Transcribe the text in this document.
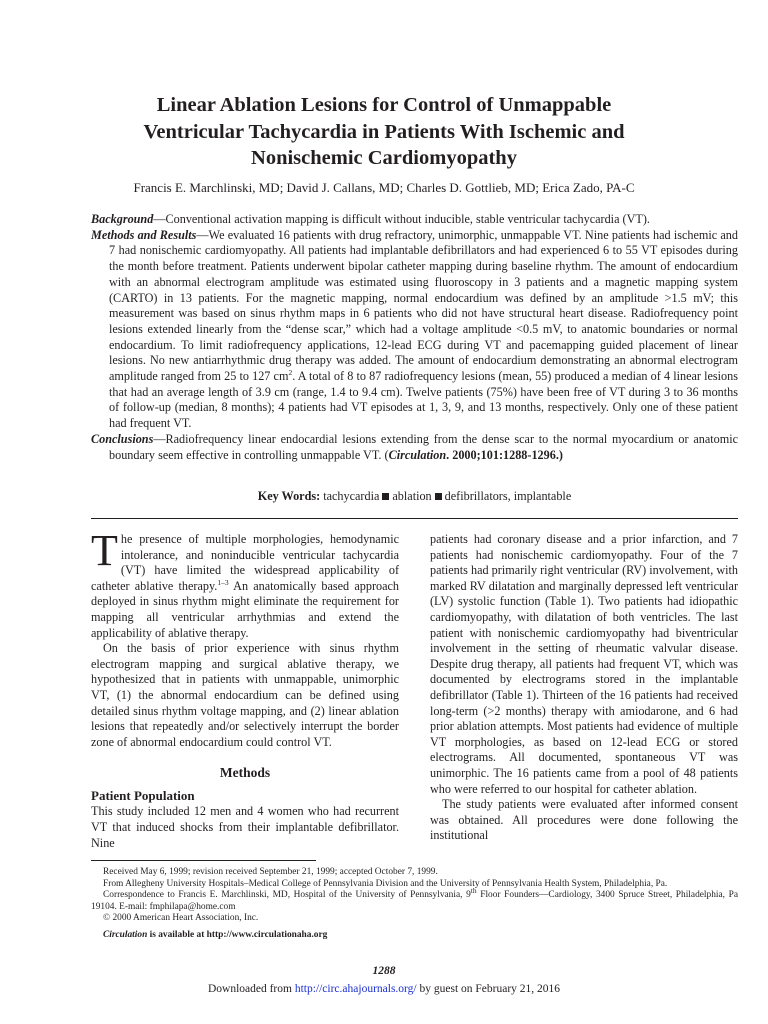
Linear Ablation Lesions for Control of Unmappable
Ventricular Tachycardia in Patients With Ischemic and
Nonischemic Cardiomyopathy
Francis E. Marchlinski, MD; David J. Callans, MD; Charles D. Gottlieb, MD; Erica Zado, PA-C

Background—Conventional activation mapping is difficult without inducible, stable ventricular tachycardia (VT).

Methods and Results—We evaluated 16 patients with drug refractory, unimorphic, unmappable VT. Nine patients had ischemic and 7 had nonischemic cardiomyopathy. All patients had implantable defibrillators and had experienced 6 to 55 VT episodes during the month before treatment. Patients underwent bipolar catheter mapping during baseline rhythm. The amount of endocardium with an abnormal electrogram amplitude was estimated using fluoroscopy in 3 patients and a magnetic mapping system (CARTO) in 13 patients. For the magnetic mapping, normal endocardium was defined by an amplitude >1.5 mV; this measurement was based on sinus rhythm maps in 6 patients who did not have structural heart disease. Radiofrequency point lesions extended linearly from the “dense scar,” which had a voltage amplitude <0.5 mV, to anatomic boundaries or normal endocardium. To limit radiofrequency applications, 12-lead ECG during VT and pacemapping guided placement of linear lesions. No new antiarrhythmic drug therapy was added. The amount of endocardium demonstrating an abnormal electrogram amplitude ranged from 25 to 127 $cm^2$. A total of 8 to 87 radiofrequency lesions (mean, 55) produced a median of 4 linear lesions that had an average length of 3.9 cm (range, 1.4 to 9.4 cm). Twelve patients (75%) have been free of VT during 3 to 36 months of follow-up (median, 8 months); 4 patients had VT episodes at 1, 3, 9, and 13 months, respectively. Only one of these patient had frequent VT.

Conclusions—Radiofrequency linear endocardial lesions extending from the dense scar to the normal myocardium or anatomic boundary seem effective in controlling unmappable VT. (Circulation. 2000;101:1288-1296.)

Key Words: tachycardia ablation defibrillators, implantable

The presence of multiple morphologies, hemodynamic intolerance, and noninducible ventricular tachycardia (VT) have limited the widespread applicability of catheter ablative therapy.$^{1-3}$ An anatomically based approach deployed in sinus rhythm might eliminate the requirement for mapping all ventricular arrhythmias and extend the applicability of ablative therapy.

On the basis of prior experience with sinus rhythm electrogram mapping and surgical ablative therapy, we hypothesized that in patients with unmappable, unimorphic VT, (1) the abnormal endocardium can be defined using detailed sinus rhythm voltage mapping, and (2) linear ablation lesions that repeatedly and/or selectively interrupt the border zone of abnormal endocardium could control VT.

Methods
Patient Population

This study included 12 men and 4 women who had recurrent VT that induced shocks from their implantable defibrillator. Nine

patients had coronary disease and a prior infarction, and 7 patients had nonischemic cardiomyopathy. Four of the 7 patients had primarily right ventricular (RV) involvement, with marked RV dilatation and marginally depressed left ventricular (LV) systolic function (Table 1). Two patients had idiopathic cardiomyopathy, with dilatation of both ventricles. The last patient with nonischemic cardiomyopathy had biventricular involvement in the setting of rheumatic valvular disease. Despite drug therapy, all patients had frequent VT, which was documented by electrograms stored in the implantable defibrillator (Table 1). Thirteen of the 16 patients had received long-term (>2 months) therapy with amiodarone, and 6 had prior ablation attempts. Most patients had evidence of multiple VT morphologies, as based on 12-lead ECG or stored electrograms. All documented, spontaneous VT was unimorphic. The 16 patients came from a pool of 48 patients who were referred to our hospital for catheter ablation.

The study patients were evaluated after informed consent was obtained. All procedures were done following the institutional

Received May 6, 1999; revision received September 21, 1999; accepted October 7, 1999.

From Allegheny University Hospitals–Medical College of Pennsylvania Division and the University of Pennsylvania Health System, Philadelphia, Pa.

Correspondence to Francis E. Marchlinski, MD, Hospital of the University of Pennsylvania, 9th Floor Founders—Cardiology, 3400 Spruce Street, Philadelphia, Pa 19104. E-mail: fmphilapa@home.com

© 2000 American Heart Association, Inc.

Circulation is available at http://www.circulationaha.org

1288
Downloaded from http://circ.ahajournals.org/ by guest on February 21, 2016
